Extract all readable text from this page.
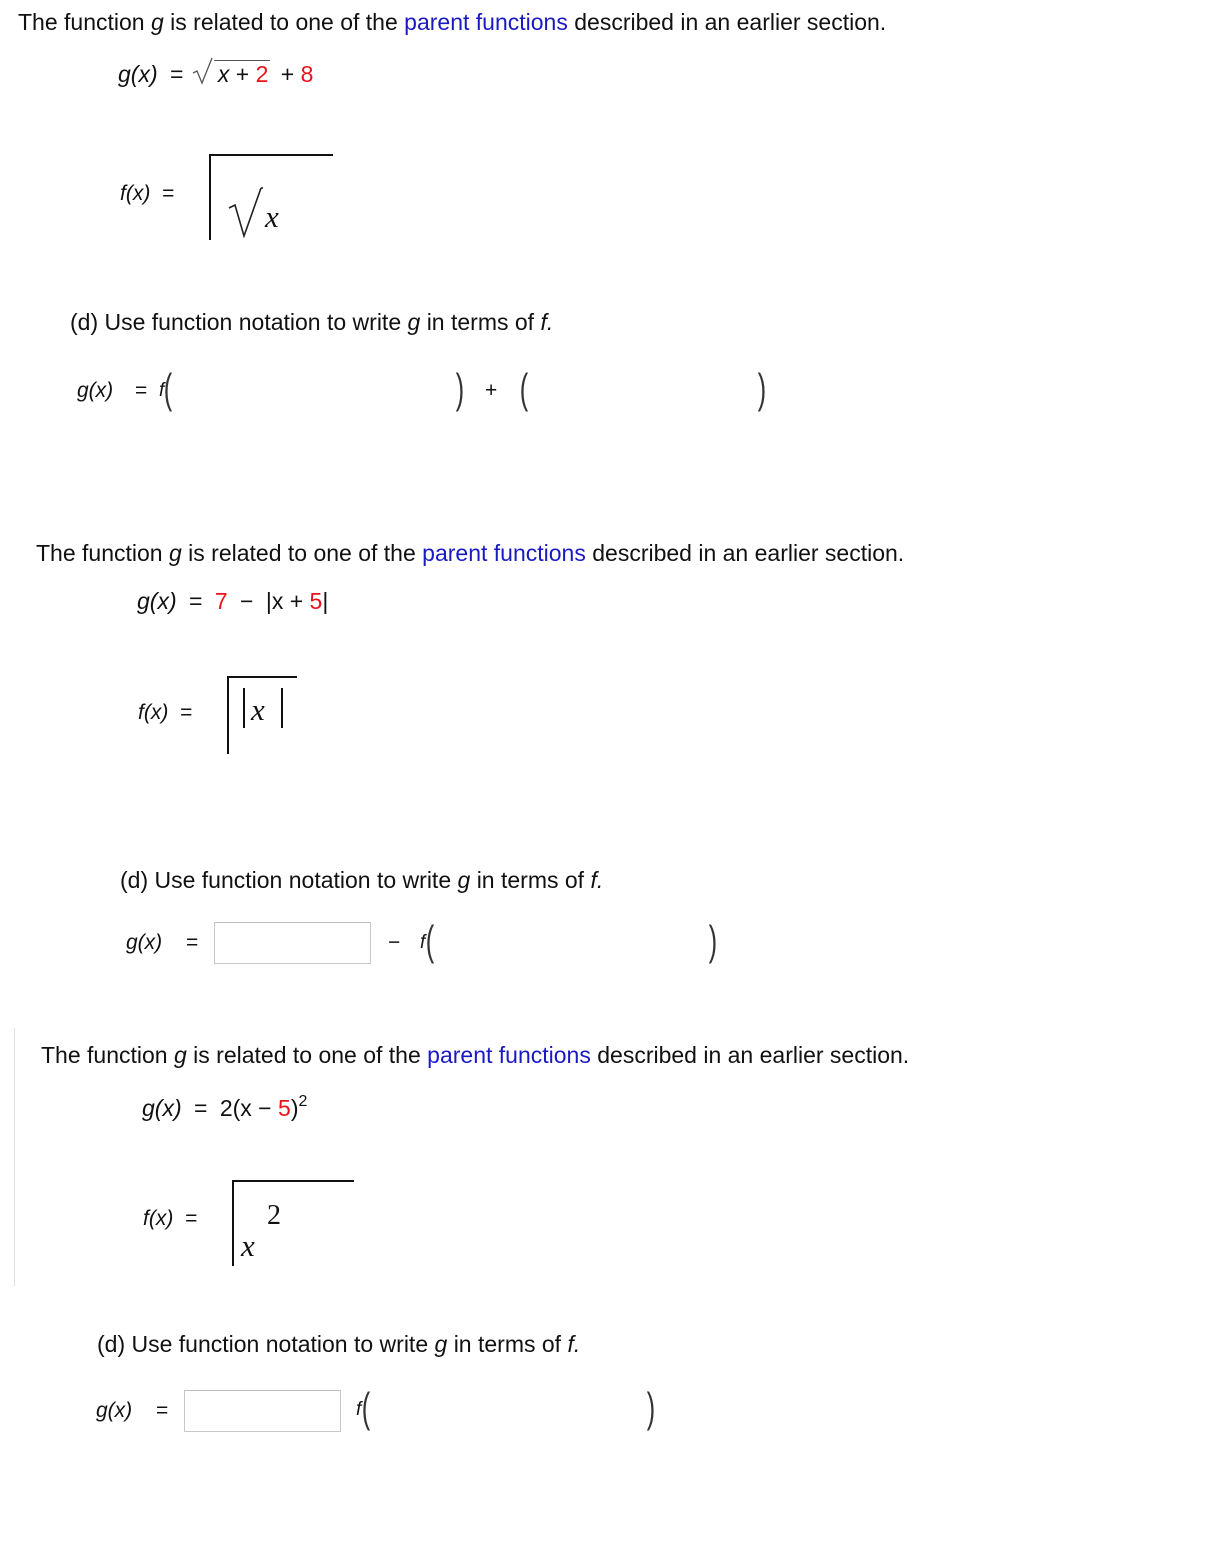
The function g is related to one of the parent functions described in an earlier section.
g(x) = x + 2 + 8
f(x) =
x
(d) Use function notation to write g in terms of f.
g(x) = f (	) + (	)
The function g is related to one of the parent functions described in an earlier section.
g(x) = 7 − |x + 5|
f(x) = x
(d) Use function notation to write g in terms of f.
g(x) =	− f (	)
The function g is related to one of the parent functions described in an earlier section.
$g(x) = 2(x - 5)^2$
f(x) = 2
x
(d) Use function notation to write g in terms of f.
g(x) =	f (	)
